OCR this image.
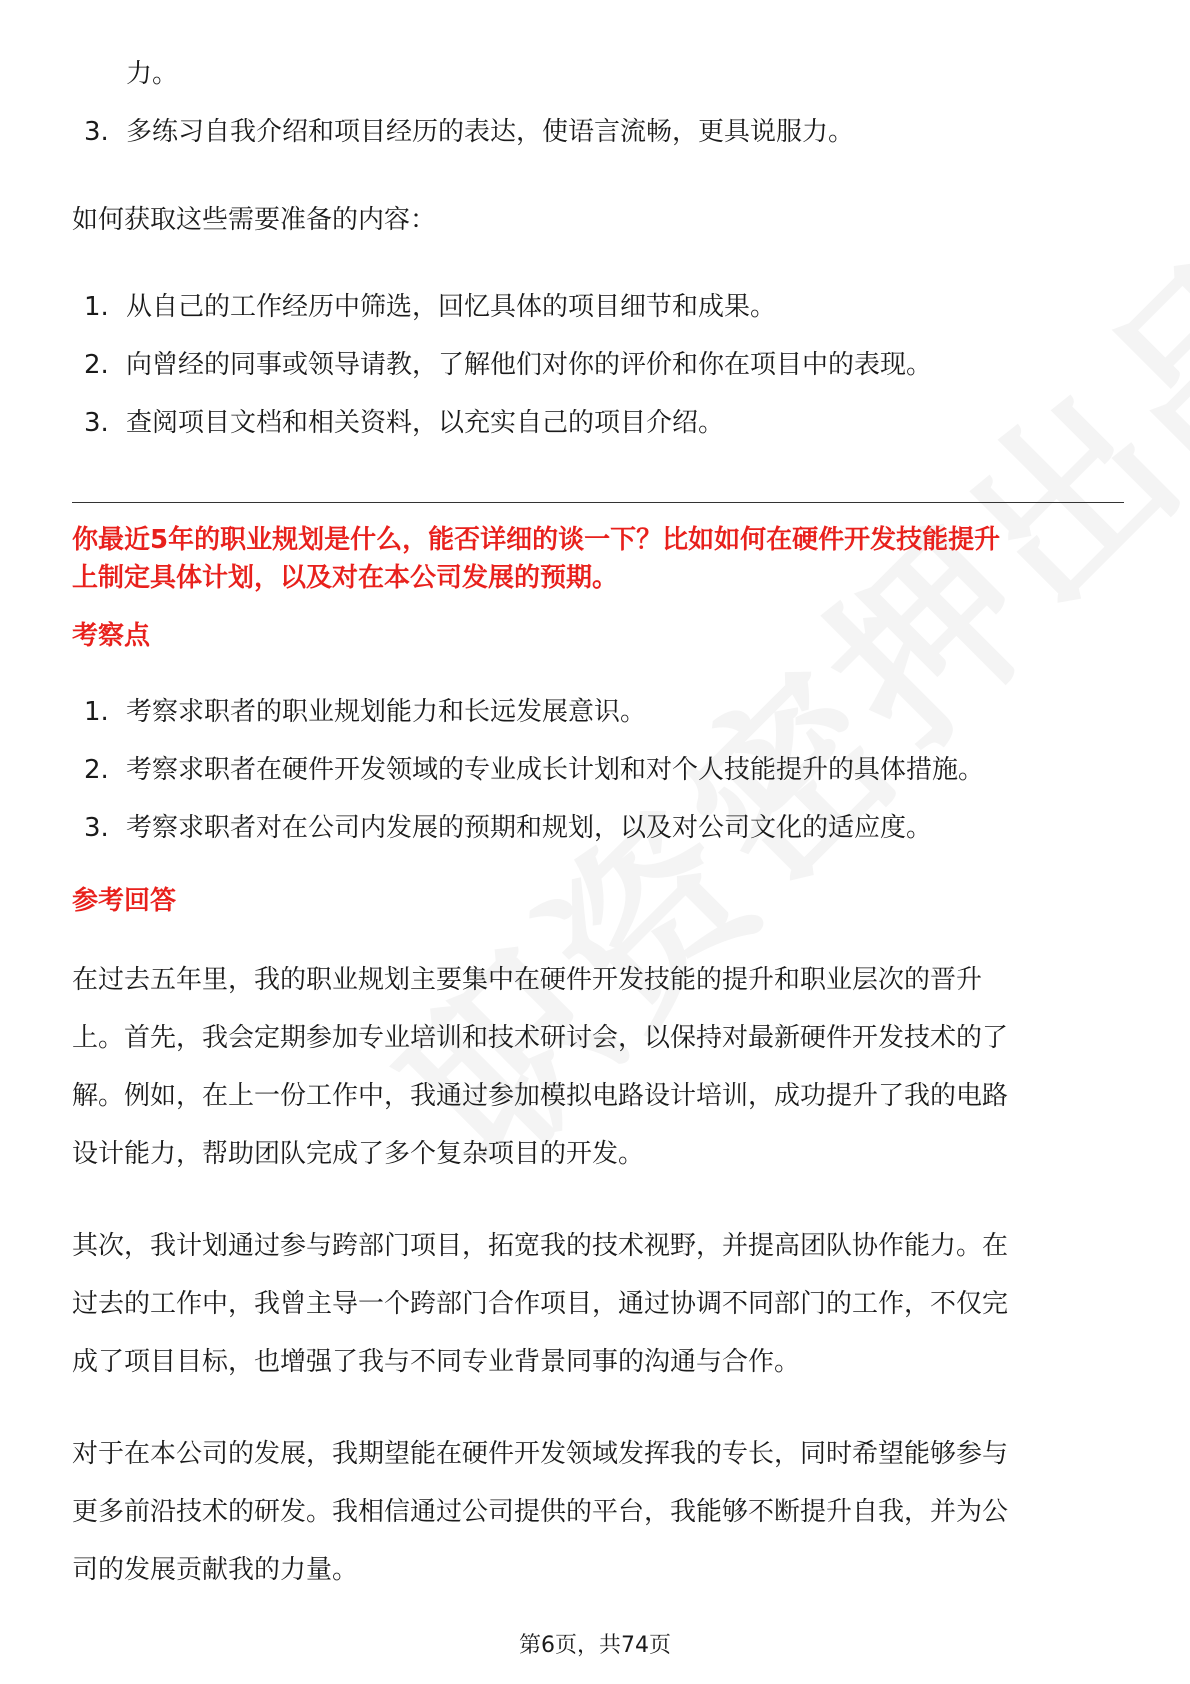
力。
3. 多练习自我介绍和项目经历的表达，使语言流畅，更具说服力。
如何获取这些需要准备的内容：
1. 从自己的工作经历中筛选，回忆具体的项目细节和成果。
2. 向曾经的同事或领导请教，了解他们对你的评价和你在项目中的表现。
3. 查阅项目文档和相关资料，以充实自己的项目介绍。
你最近5年的职业规划是什么，能否详细的谈一下？比如如何在硬件开发技能提升
上制定具体计划，以及对在本公司发展的预期。
考察点
1. 考察求职者的职业规划能力和长远发展意识。
2. 考察求职者在硬件开发领域的专业成长计划和对个人技能提升的具体措施。
3. 考察求职者对在公司内发展的预期和规划，以及对公司文化的适应度。
参考回答
在过去五年里，我的职业规划主要集中在硬件开发技能的提升和职业层次的晋升
上。首先，我会定期参加专业培训和技术研讨会，以保持对最新硬件开发技术的了
解。例如，在上一份工作中，我通过参加模拟电路设计培训，成功提升了我的电路
设计能力，帮助团队完成了多个复杂项目的开发。
其次，我计划通过参与跨部门项目，拓宽我的技术视野，并提高团队协作能力。在
过去的工作中，我曾主导一个跨部门合作项目，通过协调不同部门的工作，不仅完
成了项目目标，也增强了我与不同专业背景同事的沟通与合作。
对于在本公司的发展，我期望能在硬件开发领域发挥我的专长，同时希望能够参与
更多前沿技术的研发。我相信通过公司提供的平台，我能够不断提升自我，并为公
司的发展贡献我的力量。
第6页，共74页
